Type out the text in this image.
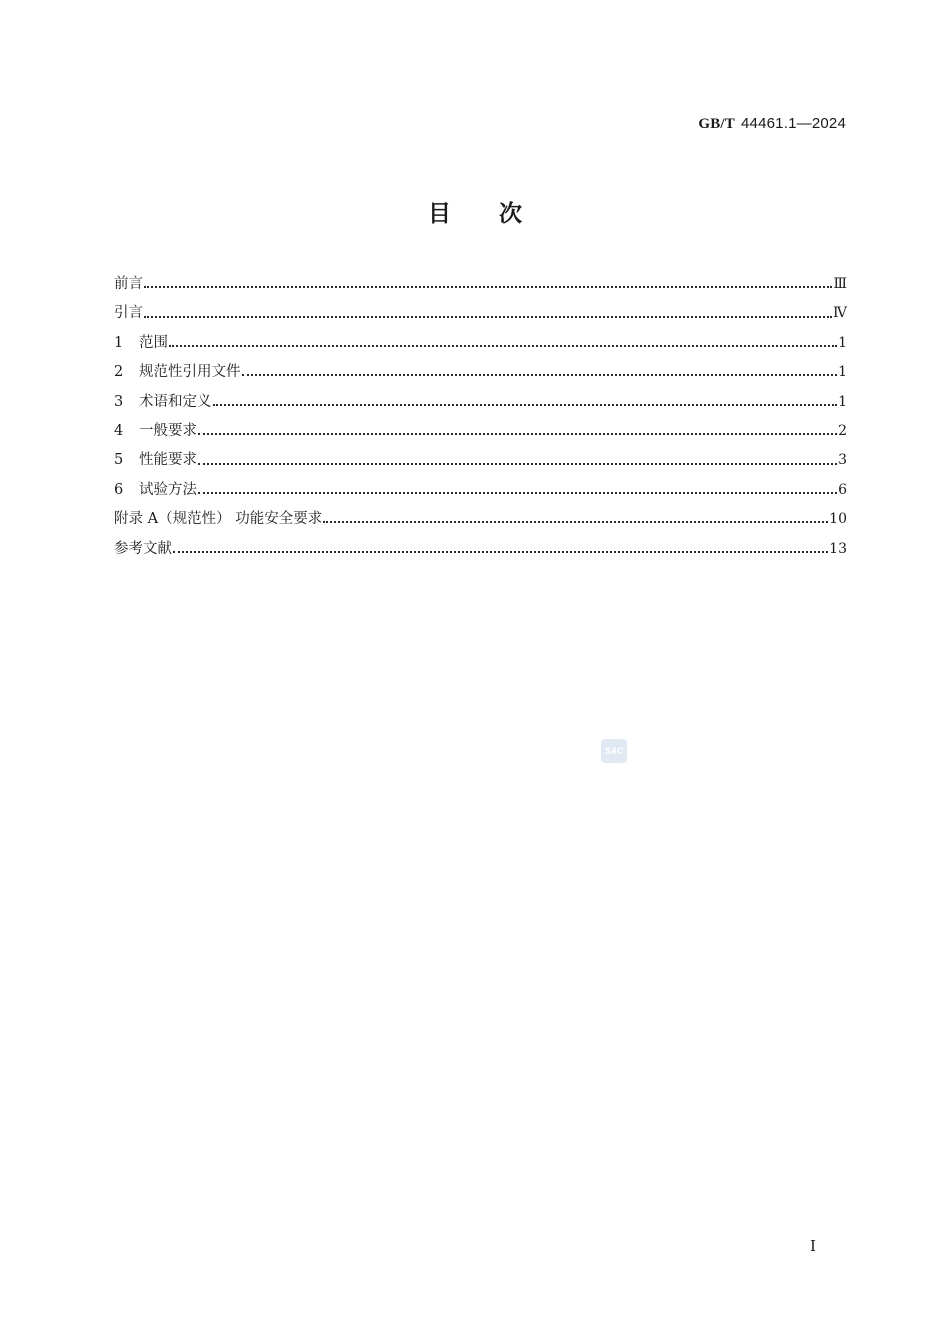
GB/T 44461.1—2024
目次
前言	Ⅲ
引言	Ⅳ
1	范围	1
2	规范性引用文件	1
3	术语和定义	1
4	一般要求	2
5	性能要求	3
6	试验方法	6
附录 A（规范性） 功能安全要求	10
参考文献	13
SAC
Ⅰ
